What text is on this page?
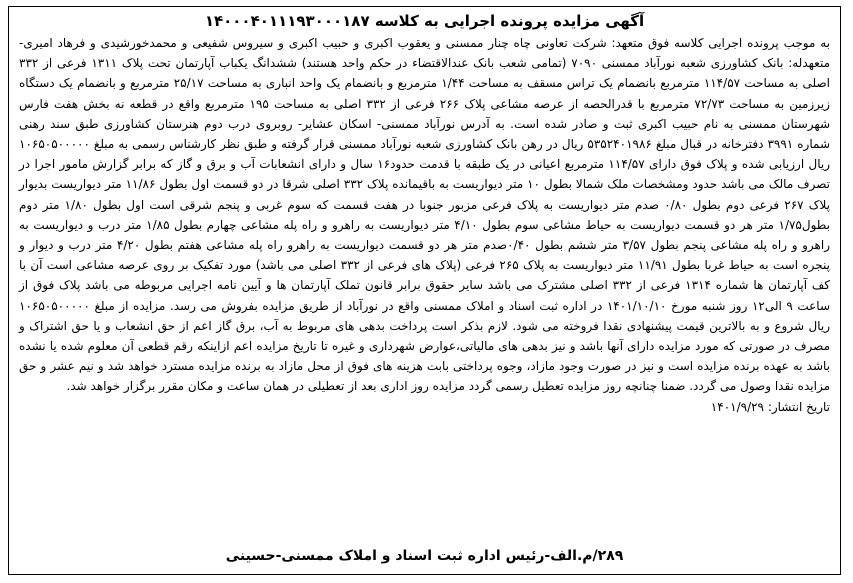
آگهی مزایده پرونده اجرایی به کلاسه ۱۴۰۰۰۴۰۱۱۱۹۳۰۰۰۱۸۷
به موجب پرونده اجرایی کلاسه فوق متعهد: شرکت تعاونی چاه چنار ممسنی و یعقوب اکبری و حبیب اکبری و سیروس شفیعی و محمدخورشیدی و فرهاد امیری- متعهدله: بانک کشاورزی شعبه نورآباد ممسنی ۷۰۹۰ (تمامی شعب بانک عندالاقتضاء در حکم واحد هستند) ششدانگ یکباب آپارتمان تحت پلاک ۱۳۱۱ فرعی از ۳۳۲ اصلی به مساحت ۱۱۴/۵۷ مترمربع بانضمام یک تراس مسقف به مساحت ۱/۴۴ مترمربع و بانضمام یک واحد انباری به مساحت ۲۵/۱۷ مترمربع و بانضمام یک دستگاه زیرزمین به مساحت ۷۲/۷۳ مترمربع با قدرالحصه از عرصه مشاعی پلاک ۲۶۶ فرعی از ۳۳۲ اصلی به مساحت ۱۹۵ مترمربع واقع در قطعه نه بخش هفت فارس شهرستان ممسنی به نام حبیب اکبری ثبت و صادر شده است. به آدرس نورآباد ممسنی- اسکان عشایر- روبروی درب دوم هنرستان کشاورزی طبق سند رهنی شماره ۳۹۹۱ دفترخانه در قبال مبلغ ۵۳۵۲۴۰۱۹۸۶ ریال در رهن بانک کشاورزی شعبه نورآباد ممسنی قرار گرفته و طبق نظر کارشناس رسمی به مبلغ ۱۰۶۵۰۵۰۰۰۰۰ ریال ارزیابی شده و پلاک فوق دارای ۱۱۴/۵۷ مترمربع اعیانی در یک طبقه با قدمت حدود۱۶ سال و دارای انشعابات آب و برق و گاز که برابر گزارش مامور اجرا در تصرف مالک می باشد حدود ومشخصات ملک شمالا بطول ۱۰ متر دیواریست به باقیمانده پلاک ۳۳۲ اصلی شرقا در دو قسمت اول بطول ۱۱/۸۶ متر دیواریست بدیوار پلاک ۲۶۷ فرعی دوم بطول ۰/۸۰ صدم متر دیواریست به پلاک فرعی مزبور جنوبا در هفت قسمت که سوم غربی و پنجم شرقی است اول بطول ۱/۸۰ متر دوم بطول۱/۷۵ متر هر دو قسمت دیواریست به حیاط مشاعی سوم بطول ۴/۱۰ متر دیواریست به راهرو و راه پله مشاعی چهارم بطول ۱/۸۵ متر درب و دیواریست به راهرو و راه پله مشاعی پنجم بطول ۳/۵۷ متر ششم بطول ۰/۴۰صدم متر هر دو قسمت دیواریست به راهرو راه پله مشاعی هفتم بطول ۴/۲۰ متر درب و دیوار و پنجره است به حیاط غربا بطول ۱۱/۹۱ متر دیواریست به پلاک ۲۶۵ فرعی (پلاک های فرعی از ۳۳۲ اصلی می باشد) مورد تفکیک بر روی عرصه مشاعی است آن با کف آپارتمان ها شماره ۱۳۱۴ فرعی از ۳۳۲ اصلی مشترک می باشد سایر حقوق برابر قانون تملک آپارتمان ها و آیین نامه اجرایی مربوطه می باشد پلاک فوق از ساعت ۹ الی۱۲ روز شنبه مورخ ۱۴۰۱/۱۰/۱۰ در اداره ثبت اسناد و املاک ممسنی واقع در نورآباد از طریق مزایده بفروش می رسد. مزایده از مبلغ ۱۰۶۵۰۵۰۰۰۰۰ ریال شروع و به بالاترین قیمت پیشنهادی نقدا فروخته می شود. لازم بذکر است پرداخت بدهی های مربوط به آب، برق گاز اعم از حق انشعاب و یا حق اشتراک و مصرف در صورتی که مورد مزایده دارای آنها باشد و نیز بدهی های مالیاتی،عوارض شهرداری و غیره تا تاریخ مزایده اعم ازاینکه رقم قطعی آن معلوم شده یا نشده باشد به عهده برنده مزایده است و نیز در صورت وجود مازاد، وجوه پرداختی بابت هزینه های فوق از محل مازاد به برنده مزایده مسترد خواهد شد و نیم عشر و حق مزایده نقدا وصول می گردد. ضمنا چنانچه روز مزایده تعطیل رسمی گردد مزایده روز اداری بعد از تعطیلی در همان ساعت و مکان مقرر برگزار خواهد شد.
تاریخ انتشار: ۱۴۰۱/۹/۲۹
۲۸۹/م.الف-رئیس اداره ثبت اسناد و املاک ممسنی-حسینی
